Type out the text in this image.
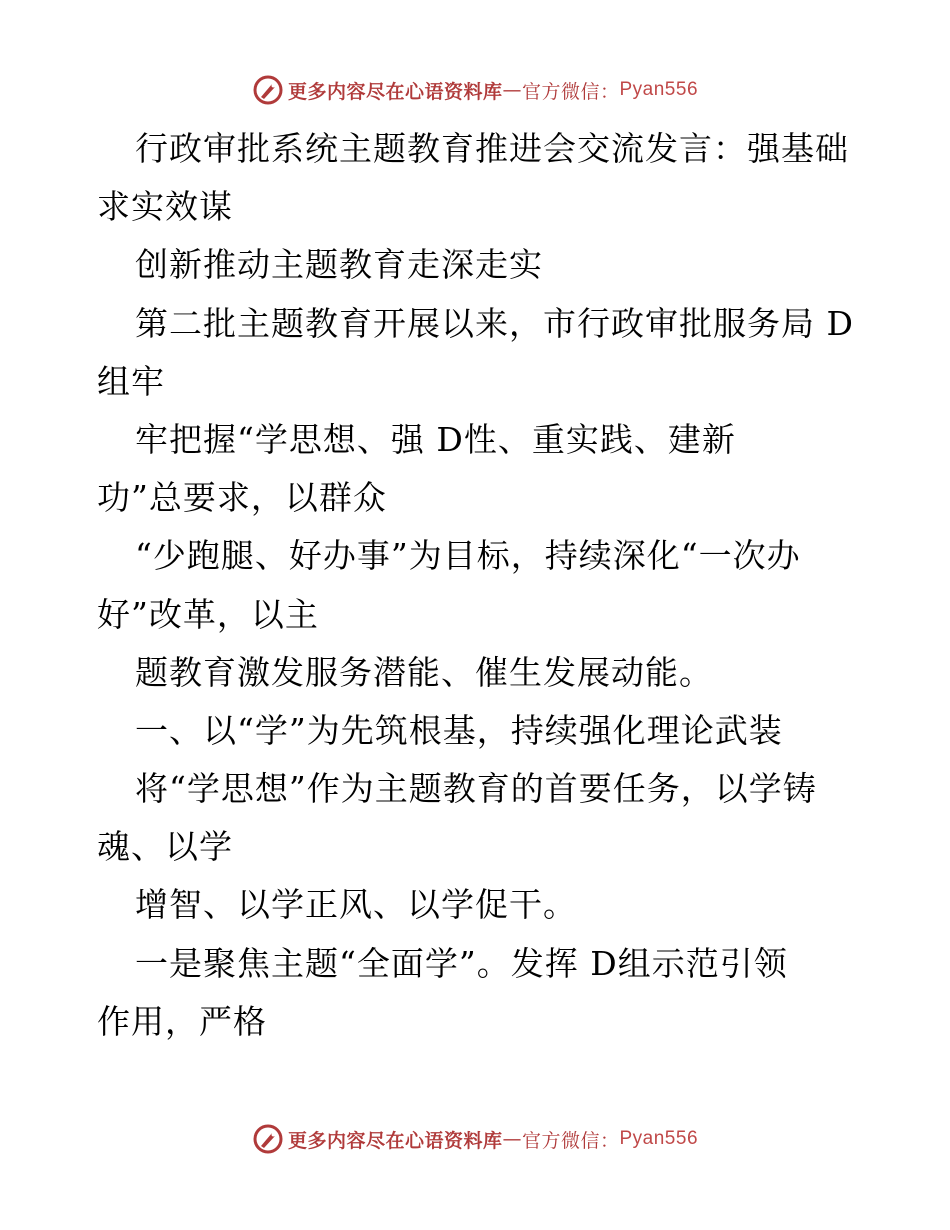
更多内容尽在心语资料库 — 官方微信： Pyan556
行政审批系统主题教育推进会交流发言：强基础
求实效谋
创新推动主题教育走深走实
第二批主题教育开展以来，市行政审批服务局 D
组牢
牢把握“学思想、强 D性、重实践、建新
功”总要求，以群众
“少跑腿、好办事”为目标，持续深化“一次办
好”改革，以主
题教育激发服务潜能、催生发展动能。
一、以“学”为先筑根基，持续强化理论武装
将“学思想”作为主题教育的首要任务，以学铸
魂、以学
增智、以学正风、以学促干。
一是聚焦主题“全面学”。发挥 D组示范引领
作用，严格
更多内容尽在心语资料库 — 官方微信： Pyan556
